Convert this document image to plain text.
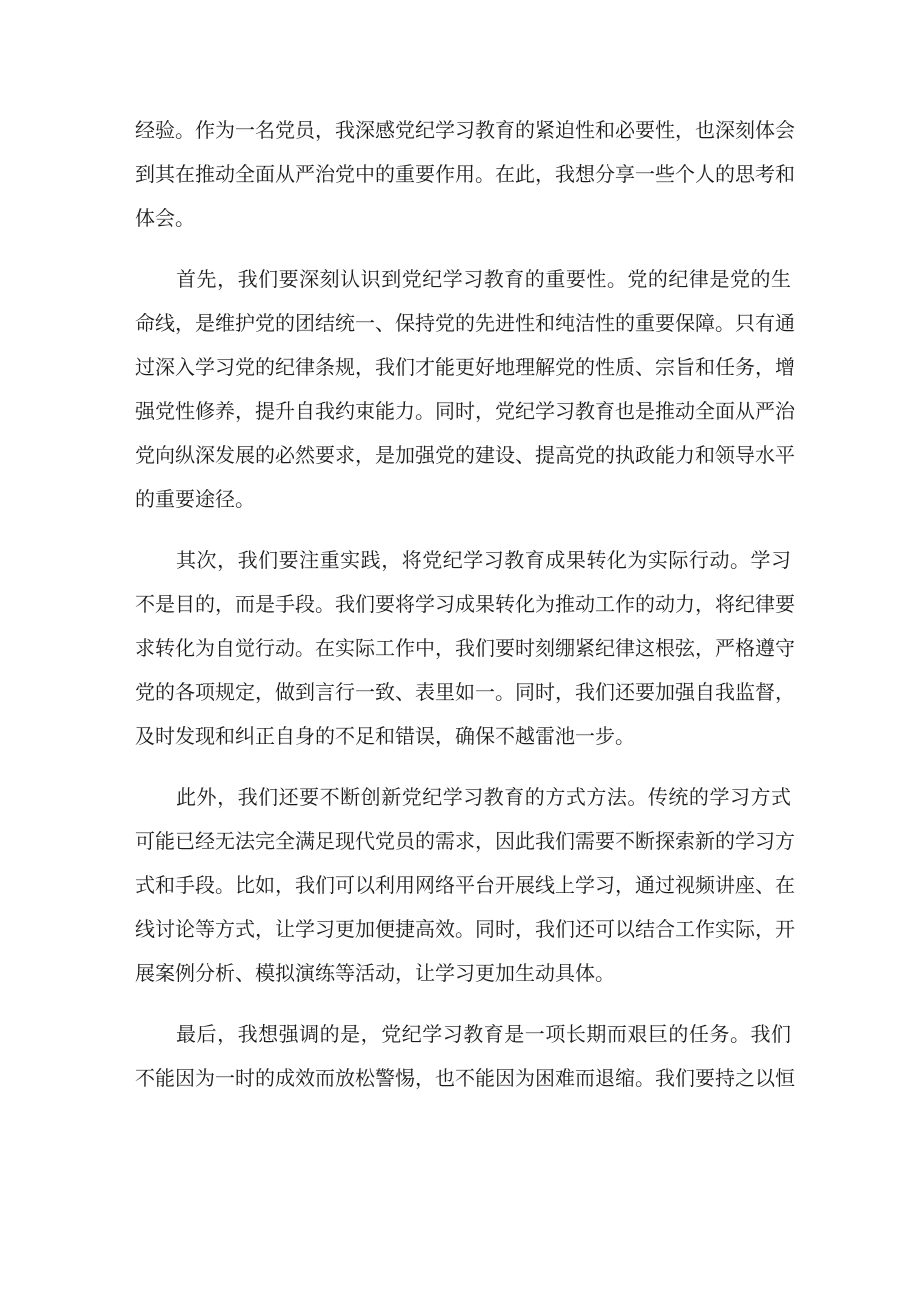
经验。作为一名党员，我深感党纪学习教育的紧迫性和必要性，也深刻体会
到其在推动全面从严治党中的重要作用。在此，我想分享一些个人的思考和
体会。

　　首先，我们要深刻认识到党纪学习教育的重要性。党的纪律是党的生
命线，是维护党的团结统一、保持党的先进性和纯洁性的重要保障。只有通
过深入学习党的纪律条规，我们才能更好地理解党的性质、宗旨和任务，增
强党性修养，提升自我约束能力。同时，党纪学习教育也是推动全面从严治
党向纵深发展的必然要求，是加强党的建设、提高党的执政能力和领导水平
的重要途径。

　　其次，我们要注重实践，将党纪学习教育成果转化为实际行动。学习
不是目的，而是手段。我们要将学习成果转化为推动工作的动力，将纪律要
求转化为自觉行动。在实际工作中，我们要时刻绷紧纪律这根弦，严格遵守
党的各项规定，做到言行一致、表里如一。同时，我们还要加强自我监督，
及时发现和纠正自身的不足和错误，确保不越雷池一步。

　　此外，我们还要不断创新党纪学习教育的方式方法。传统的学习方式
可能已经无法完全满足现代党员的需求，因此我们需要不断探索新的学习方
式和手段。比如，我们可以利用网络平台开展线上学习，通过视频讲座、在
线讨论等方式，让学习更加便捷高效。同时，我们还可以结合工作实际，开
展案例分析、模拟演练等活动，让学习更加生动具体。

　　最后，我想强调的是，党纪学习教育是一项长期而艰巨的任务。我们
不能因为一时的成效而放松警惕，也不能因为困难而退缩。我们要持之以恒
